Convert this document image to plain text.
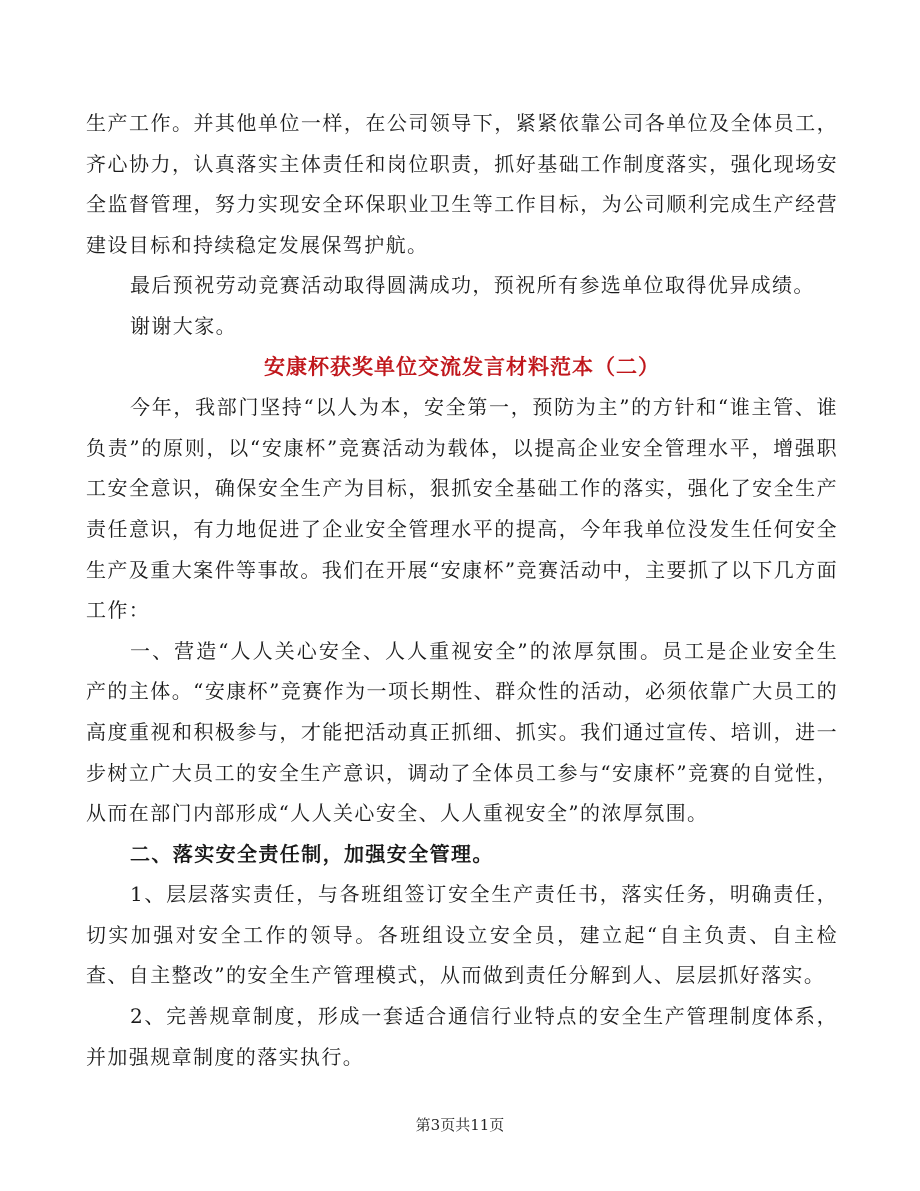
生产工作。并其他单位一样，在公司领导下，紧紧依靠公司各单位及全体员工，齐心协力，认真落实主体责任和岗位职责，抓好基础工作制度落实，强化现场安全监督管理，努力实现安全环保职业卫生等工作目标，为公司顺利完成生产经营建设目标和持续稳定发展保驾护航。

最后预祝劳动竞赛活动取得圆满成功，预祝所有参选单位取得优异成绩。

谢谢大家。

安康杯获奖单位交流发言材料范本（二）

今年，我部门坚持“以人为本，安全第一，预防为主”的方针和“谁主管、谁负责”的原则，以“安康杯”竞赛活动为载体，以提高企业安全管理水平，增强职工安全意识，确保安全生产为目标，狠抓安全基础工作的落实，强化了安全生产责任意识，有力地促进了企业安全管理水平的提高，今年我单位没发生任何安全生产及重大案件等事故。我们在开展“安康杯”竞赛活动中，主要抓了以下几方面工作：

一、营造“人人关心安全、人人重视安全”的浓厚氛围。员工是企业安全生产的主体。“安康杯”竞赛作为一项长期性、群众性的活动，必须依靠广大员工的高度重视和积极参与，才能把活动真正抓细、抓实。我们通过宣传、培训，进一步树立广大员工的安全生产意识，调动了全体员工参与“安康杯”竞赛的自觉性，从而在部门内部形成“人人关心安全、人人重视安全”的浓厚氛围。

二、落实安全责任制，加强安全管理。

1、层层落实责任，与各班组签订安全生产责任书，落实任务，明确责任，切实加强对安全工作的领导。各班组设立安全员，建立起“自主负责、自主检查、自主整改”的安全生产管理模式，从而做到责任分解到人、层层抓好落实。

2、完善规章制度，形成一套适合通信行业特点的安全生产管理制度体系，并加强规章制度的落实执行。

第3页共11页
